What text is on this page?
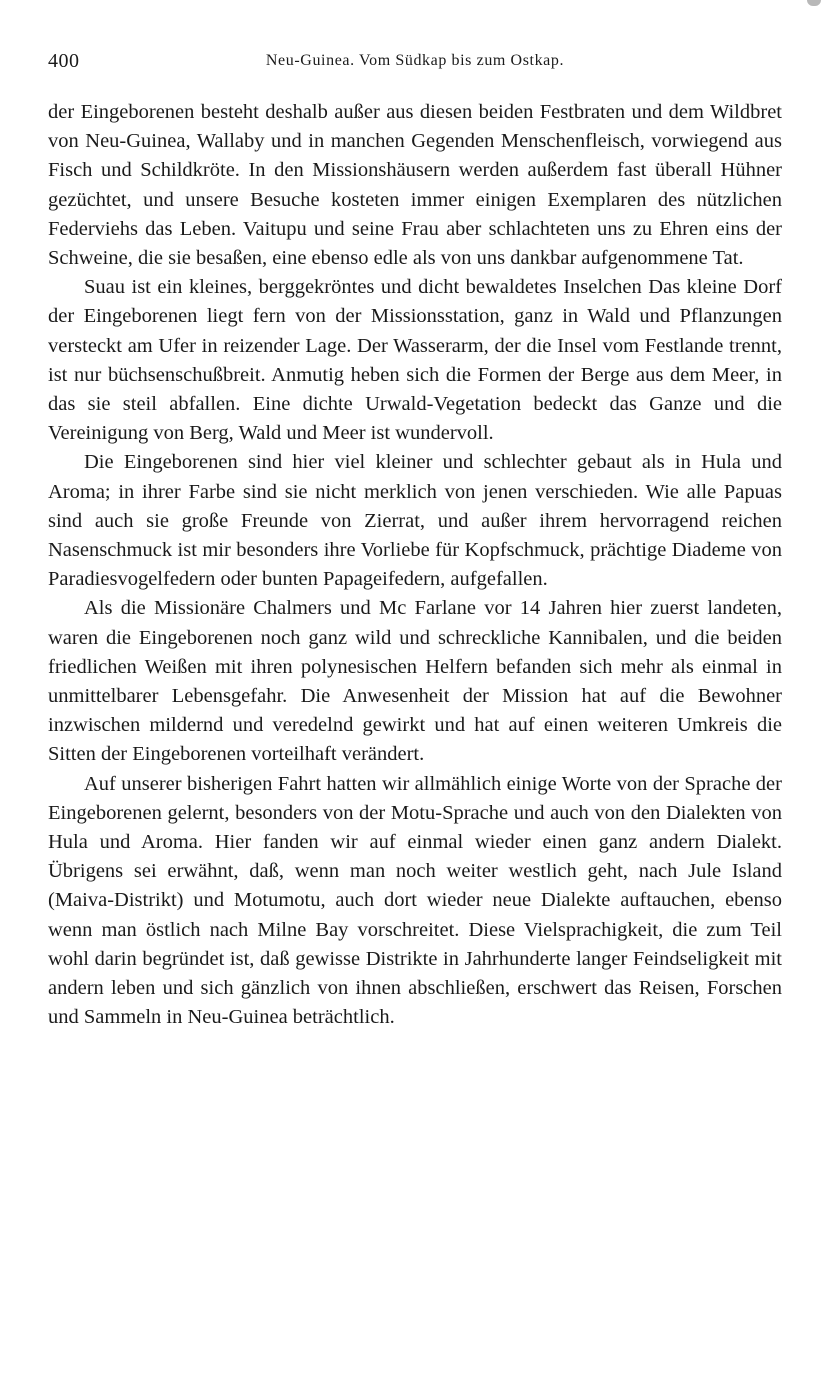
400	Neu-Guinea. Vom Südkap bis zum Ostkap.

der Eingeborenen besteht deshalb außer aus diesen beiden Festbraten und dem Wildbret von Neu-Guinea, Wallaby und in manchen Gegenden Menschenfleisch, vorwiegend aus Fisch und Schildkröte. In den Missionshäusern werden außerdem fast überall Hühner gezüchtet, und unsere Besuche kosteten immer einigen Exemplaren des nützlichen Federviehs das Leben. Vaitupu und seine Frau aber schlachteten uns zu Ehren eins der Schweine, die sie besaßen, eine ebenso edle als von uns dankbar aufgenommene Tat.

Suau ist ein kleines, berggekröntes und dicht bewaldetes Inselchen Das kleine Dorf der Eingeborenen liegt fern von der Missionsstation, ganz in Wald und Pflanzungen versteckt am Ufer in reizender Lage. Der Wasserarm, der die Insel vom Festlande trennt, ist nur büchsenschußbreit. Anmutig heben sich die Formen der Berge aus dem Meer, in das sie steil abfallen. Eine dichte Urwald-Vegetation bedeckt das Ganze und die Vereinigung von Berg, Wald und Meer ist wundervoll.

Die Eingeborenen sind hier viel kleiner und schlechter gebaut als in Hula und Aroma; in ihrer Farbe sind sie nicht merklich von jenen verschieden. Wie alle Papuas sind auch sie große Freunde von Zierrat, und außer ihrem hervorragend reichen Nasenschmuck ist mir besonders ihre Vorliebe für Kopfschmuck, prächtige Diademe von Paradiesvogelfedern oder bunten Papageifedern, aufgefallen.

Als die Missionäre Chalmers und Mc Farlane vor 14 Jahren hier zuerst landeten, waren die Eingeborenen noch ganz wild und schreckliche Kannibalen, und die beiden friedlichen Weißen mit ihren polynesischen Helfern befanden sich mehr als einmal in unmittelbarer Lebensgefahr. Die Anwesenheit der Mission hat auf die Bewohner inzwischen mildernd und veredelnd gewirkt und hat auf einen weiteren Umkreis die Sitten der Eingeborenen vorteilhaft verändert.

Auf unserer bisherigen Fahrt hatten wir allmählich einige Worte von der Sprache der Eingeborenen gelernt, besonders von der Motu-Sprache und auch von den Dialekten von Hula und Aroma. Hier fanden wir auf einmal wieder einen ganz andern Dialekt. Übrigens sei erwähnt, daß, wenn man noch weiter westlich geht, nach Jule Island (Maiva-Distrikt) und Motumotu, auch dort wieder neue Dialekte auftauchen, ebenso wenn man östlich nach Milne Bay vorschreitet. Diese Vielsprachigkeit, die zum Teil wohl darin begründet ist, daß gewisse Distrikte in Jahrhunderte langer Feindseligkeit mit andern leben und sich gänzlich von ihnen abschließen, erschwert das Reisen, Forschen und Sammeln in Neu-Guinea beträchtlich.
